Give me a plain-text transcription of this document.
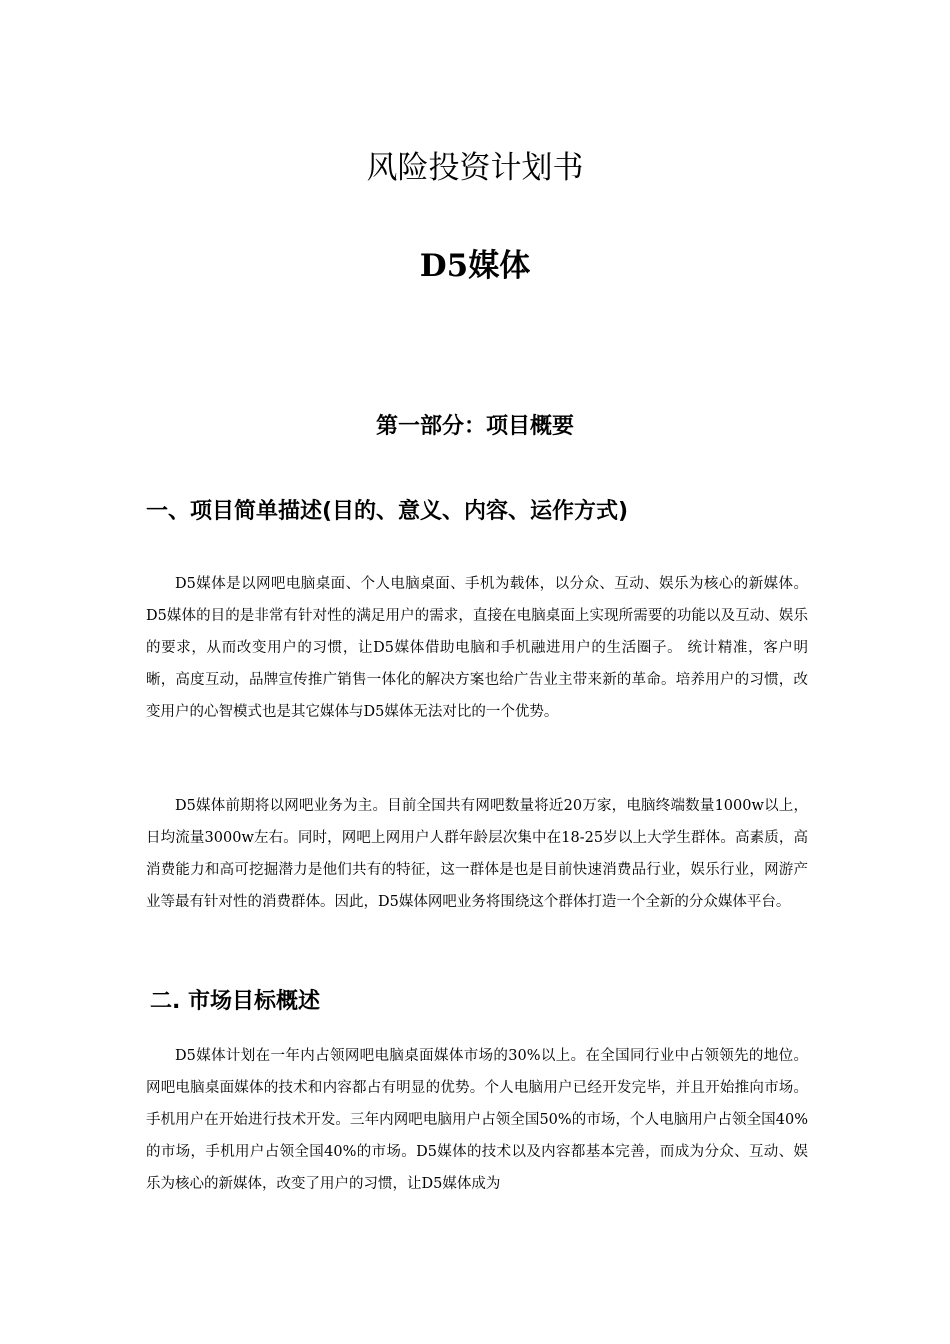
风险投资计划书
D5媒体
第一部分：项目概要
一、项目简单描述(目的、意义、内容、运作方式)

D5媒体是以网吧电脑桌面、个人电脑桌面、手机为载体，以分众、互动、娱乐为核心的新媒体。 D5媒体的目的是非常有针对性的满足用户的需求，直接在电脑桌面上实现所需要的功能以及互动、娱乐的要求，从而改变用户的习惯，让D5媒体借助电脑和手机融进用户的生活圈子。 统计精准，客户明晰，高度互动，品牌宣传推广销售一体化的解决方案也给广告业主带来新的革命。培养用户的习惯，改变用户的心智模式也是其它媒体与D5媒体无法对比的一个优势。

D5媒体前期将以网吧业务为主。目前全国共有网吧数量将近20万家，电脑终端数量1000w以上，日均流量3000w左右。同时，网吧上网用户人群年龄层次集中在18-25岁以上大学生群体。高素质，高消费能力和高可挖掘潜力是他们共有的特征，这一群体是也是目前快速消费品行业，娱乐行业，网游产业等最有针对性的消费群体。因此，D5媒体网吧业务将围绕这个群体打造一个全新的分众媒体平台。

二. 市场目标概述

D5媒体计划在一年内占领网吧电脑桌面媒体市场的30%以上。在全国同行业中占领领先的地位。网吧电脑桌面媒体的技术和内容都占有明显的优势。个人电脑用户已经开发完毕，并且开始推向市场。手机用户在开始进行技术开发。三年内网吧电脑用户占领全国50%的市场，个人电脑用户占领全国40%的市场，手机用户占领全国40%的市场。D5媒体的技术以及内容都基本完善，而成为分众、互动、娱乐为核心的新媒体，改变了用户的习惯，让D5媒体成为
